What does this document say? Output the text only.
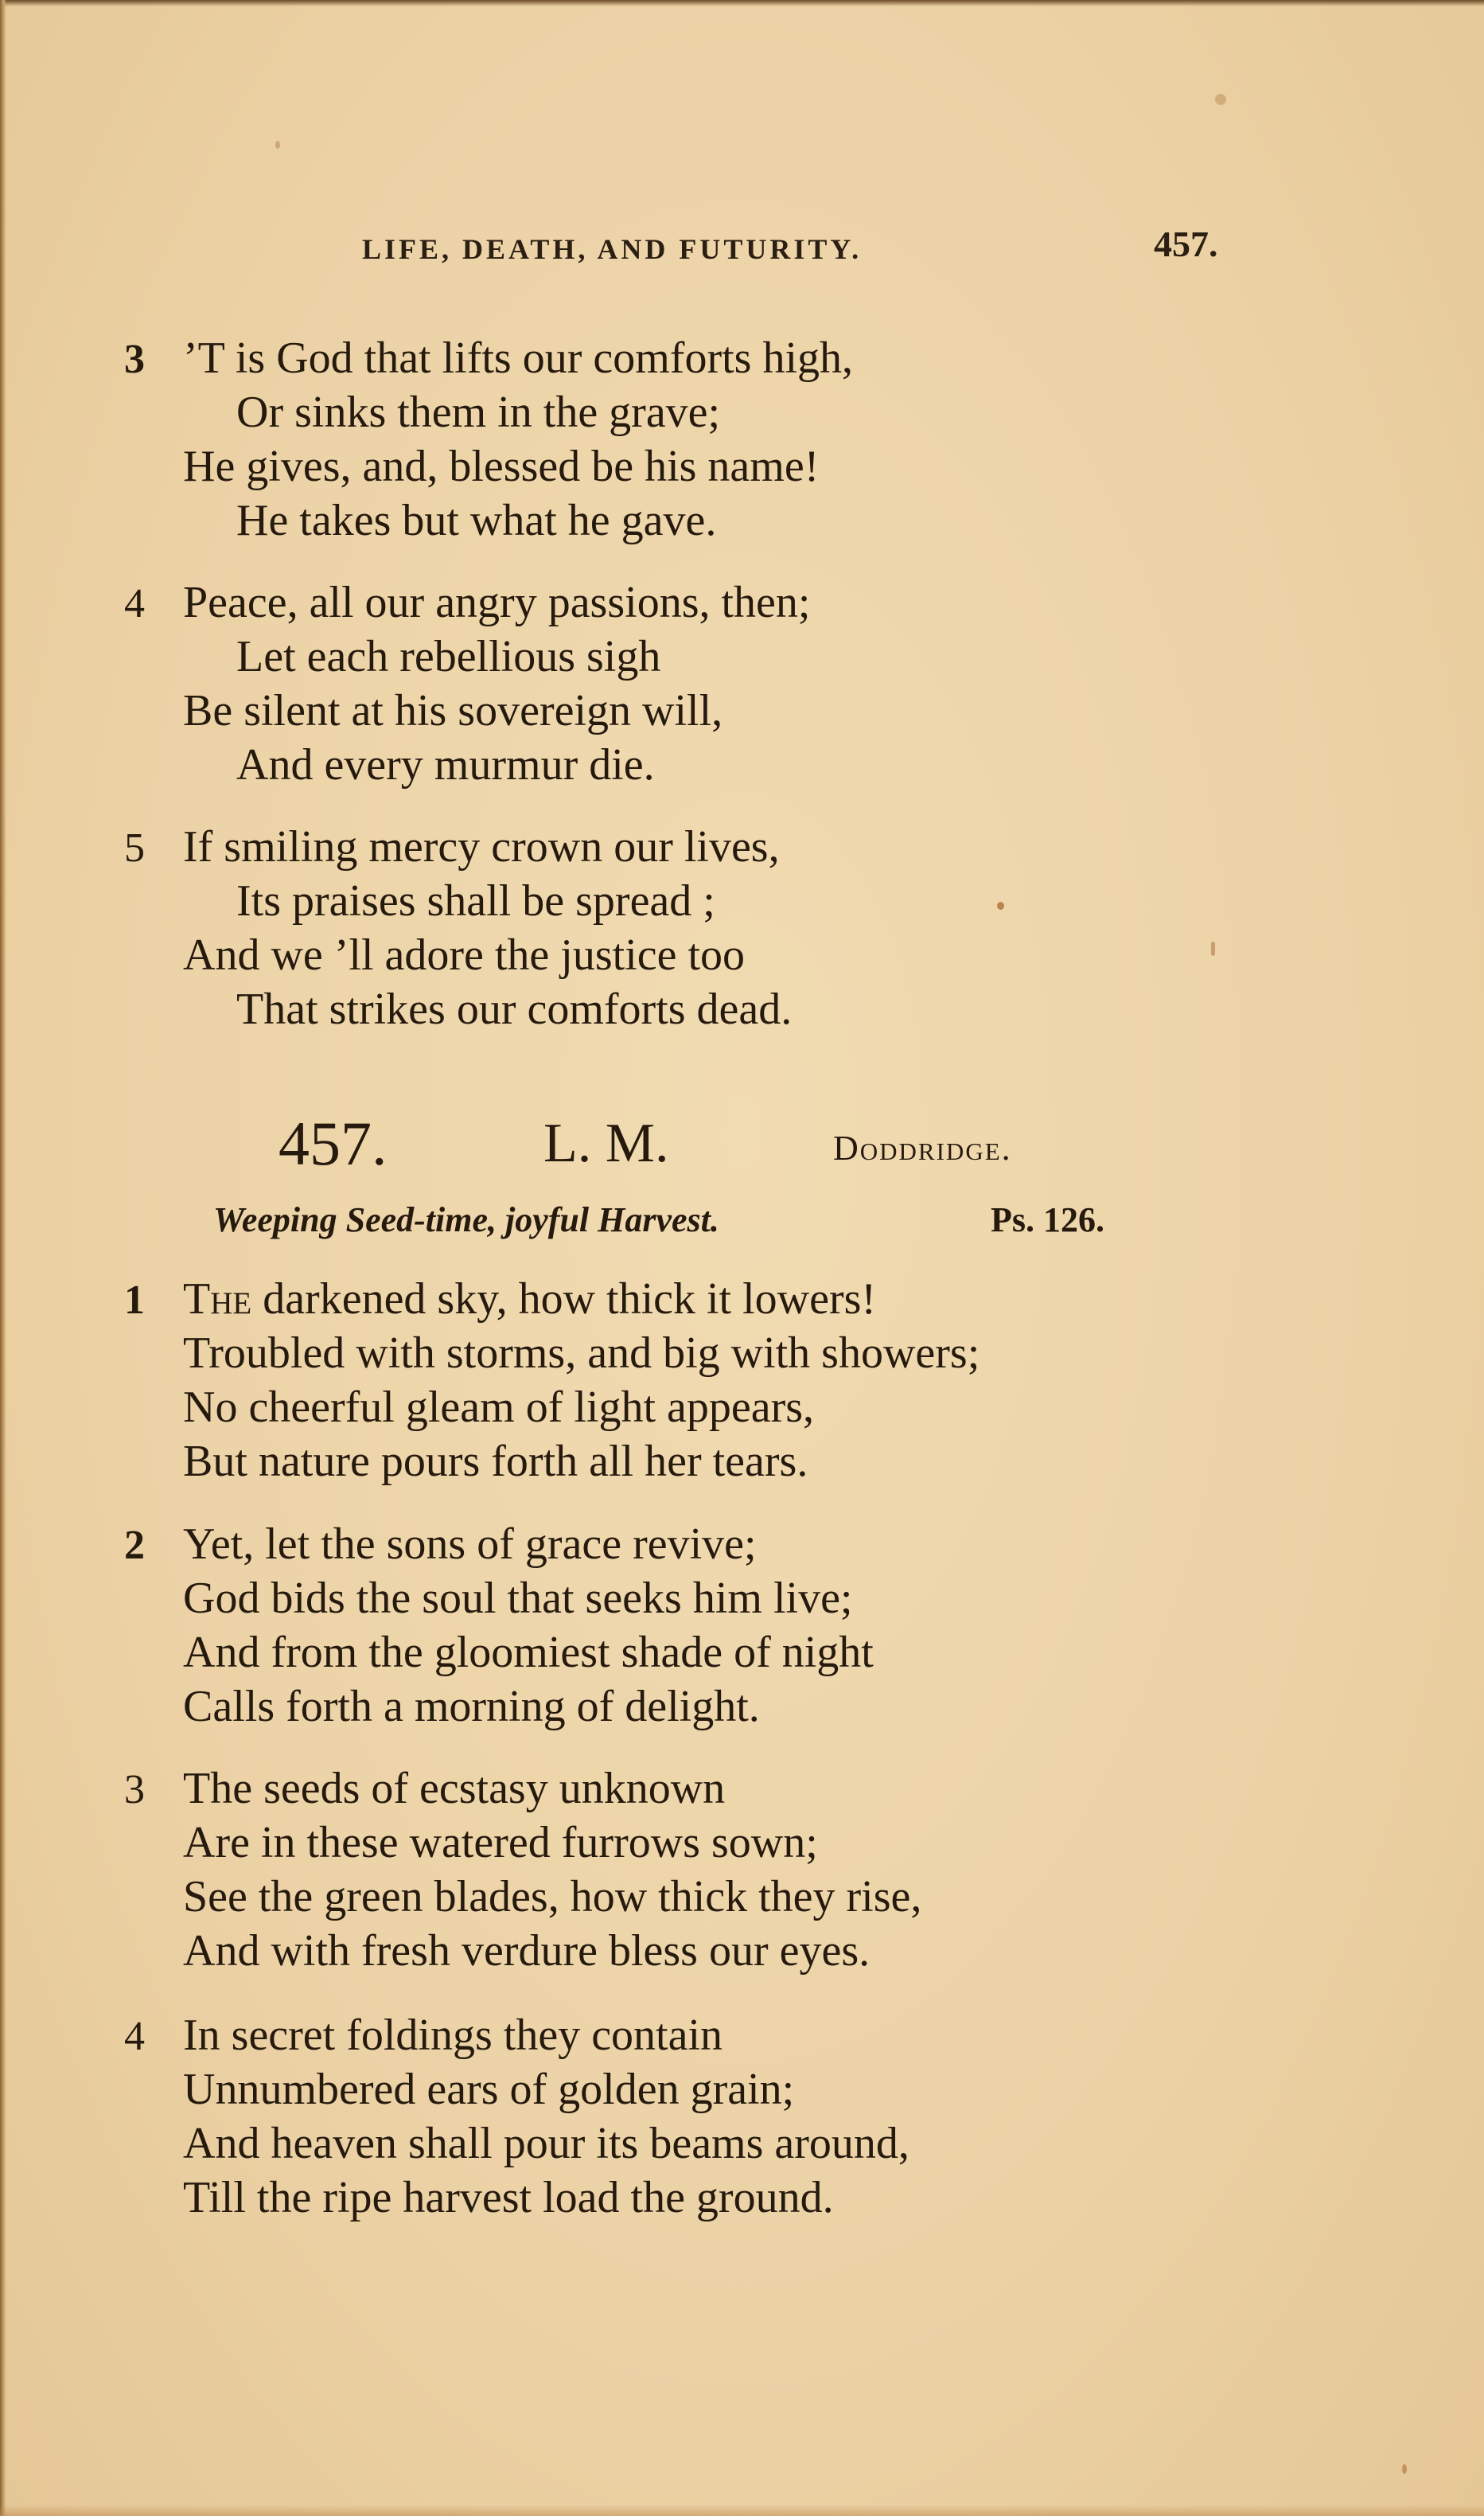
LIFE, DEATH, AND FUTURITY.	457.
3 ’T is God that lifts our comforts high,
Or sinks them in the grave;
He gives, and, blessed be his name!
He takes but what he gave.
4 Peace, all our angry passions, then;
Let each rebellious sigh
Be silent at his sovereign will,
And every murmur die.
5 If smiling mercy crown our lives,
Its praises shall be spread ;
And we ’ll adore the justice too
That strikes our comforts dead.
457.	L. M.	Doddridge.
Weeping Seed-time, joyful Harvest.	Ps. 126.
1 The darkened sky, how thick it lowers!
Troubled with storms, and big with showers;
No cheerful gleam of light appears,
But nature pours forth all her tears.
2 Yet, let the sons of grace revive;
God bids the soul that seeks him live;
And from the gloomiest shade of night
Calls forth a morning of delight.
3 The seeds of ecstasy unknown
Are in these watered furrows sown;
See the green blades, how thick they rise,
And with fresh verdure bless our eyes.
4 In secret foldings they contain
Unnumbered ears of golden grain;
And heaven shall pour its beams around,
Till the ripe harvest load the ground.
